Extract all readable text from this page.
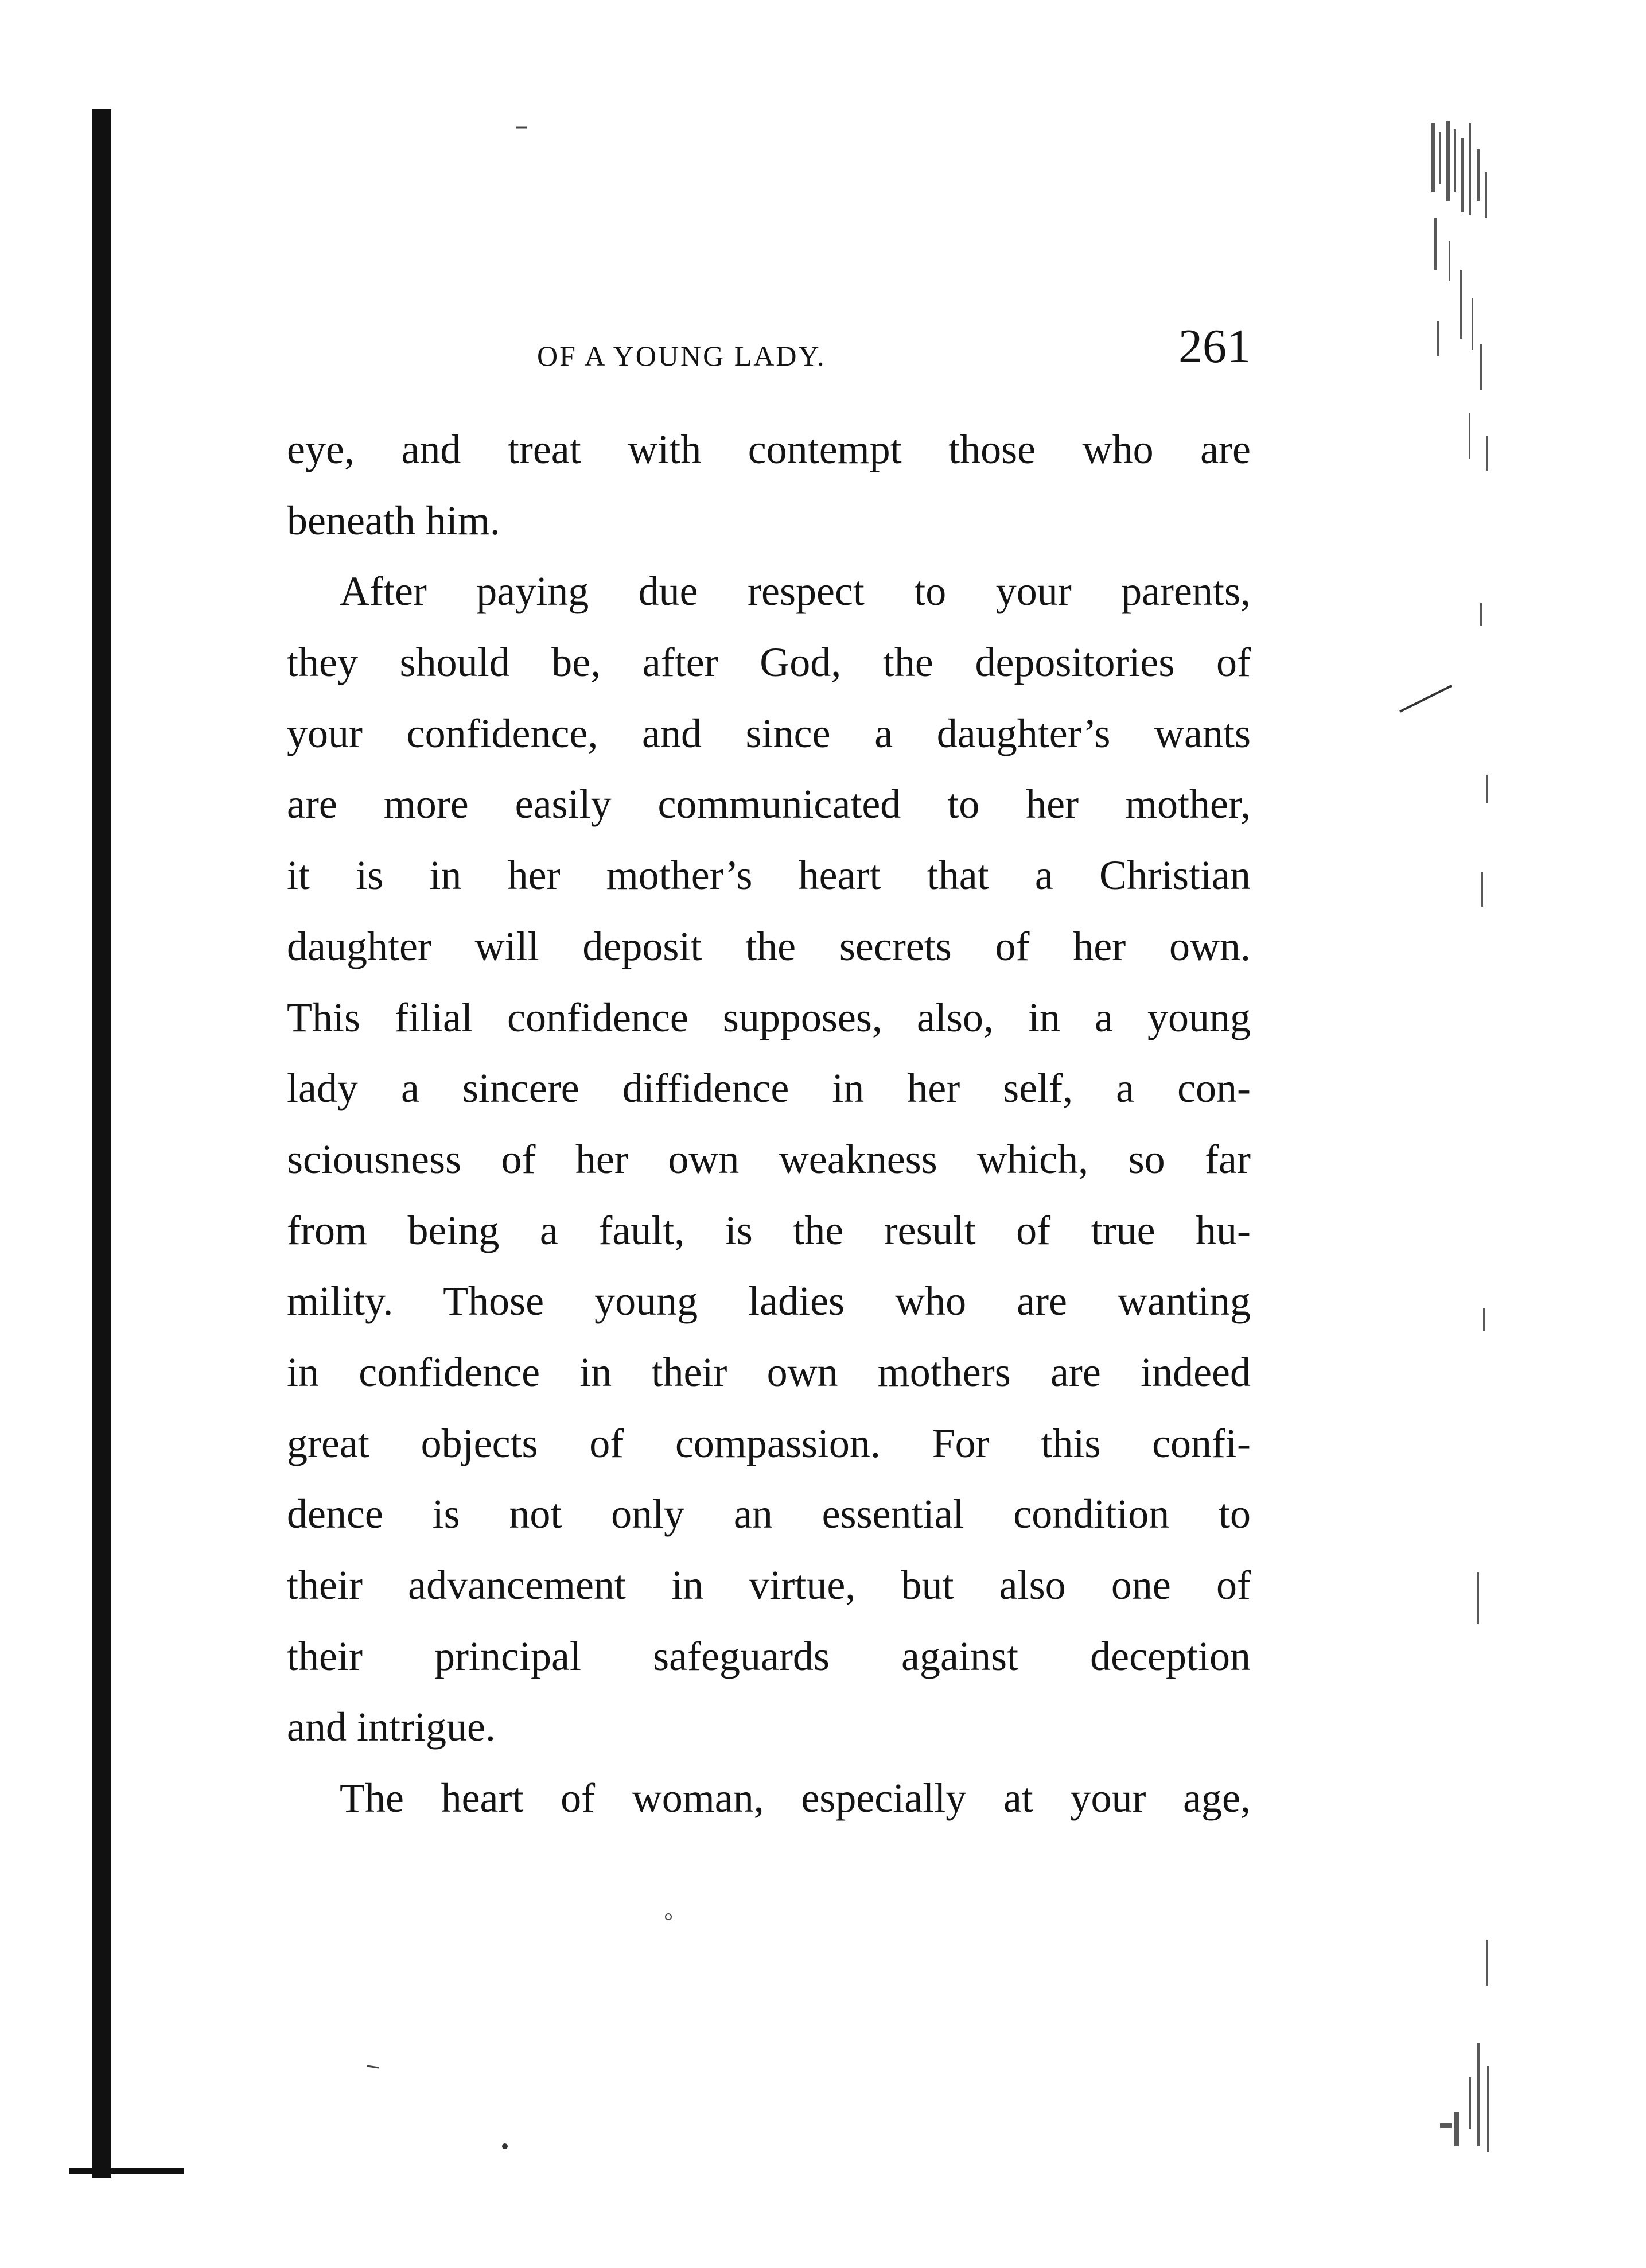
OF A YOUNG LADY.	261
eye, and treat with contempt those who are
beneath him.
After paying due respect to your parents,
they should be, after God, the depositories of
your confidence, and since a daughter’s wants
are more easily communicated to her mother,
it is in her mother’s heart that a Christian
daughter will deposit the secrets of her own.
This filial confidence supposes, also, in a young
lady a sincere diffidence in her self, a con-
sciousness of her own weakness which, so far
from being a fault, is the result of true hu-
mility. Those young ladies who are wanting
in confidence in their own mothers are indeed
great objects of compassion. For this confi-
dence is not only an essential condition to
their advancement in virtue, but also one of
their principal safeguards against deception
and intrigue.
The heart of woman, especially at your age,
